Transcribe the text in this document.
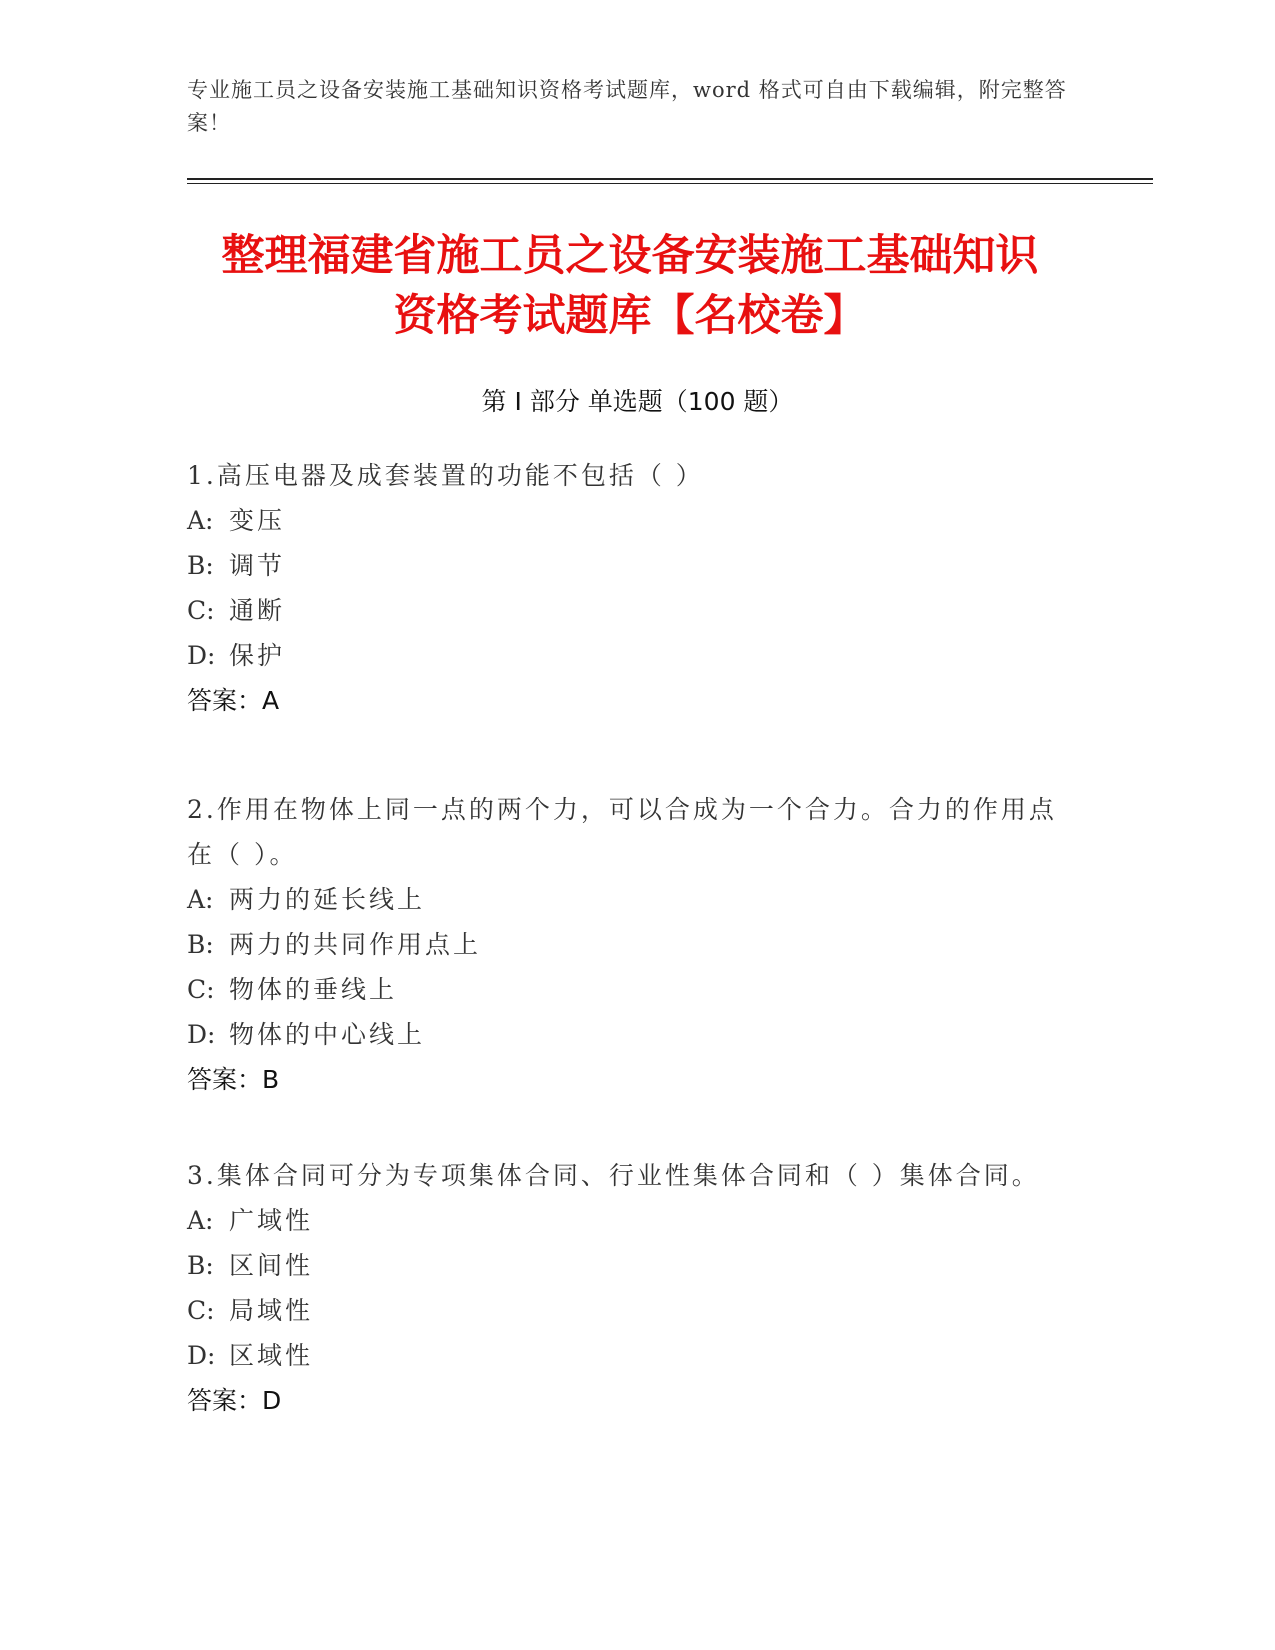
专业施工员之设备安装施工基础知识资格考试题库，word 格式可自由下载编辑，附完整答案！
整理福建省施工员之设备安装施工基础知识
资格考试题库【名校卷】
第 I 部分 单选题（100 题）
1.高压电器及成套装置的功能不包括（ ）
A: 变压
B: 调节
C: 通断
D: 保护
答案：A
2.作用在物体上同一点的两个力，可以合成为一个合力。合力的作用点在（ ）。
A: 两力的延长线上
B: 两力的共同作用点上
C: 物体的垂线上
D: 物体的中心线上
答案：B
3.集体合同可分为专项集体合同、行业性集体合同和（ ）集体合同。
A: 广域性
B: 区间性
C: 局域性
D: 区域性
答案：D
